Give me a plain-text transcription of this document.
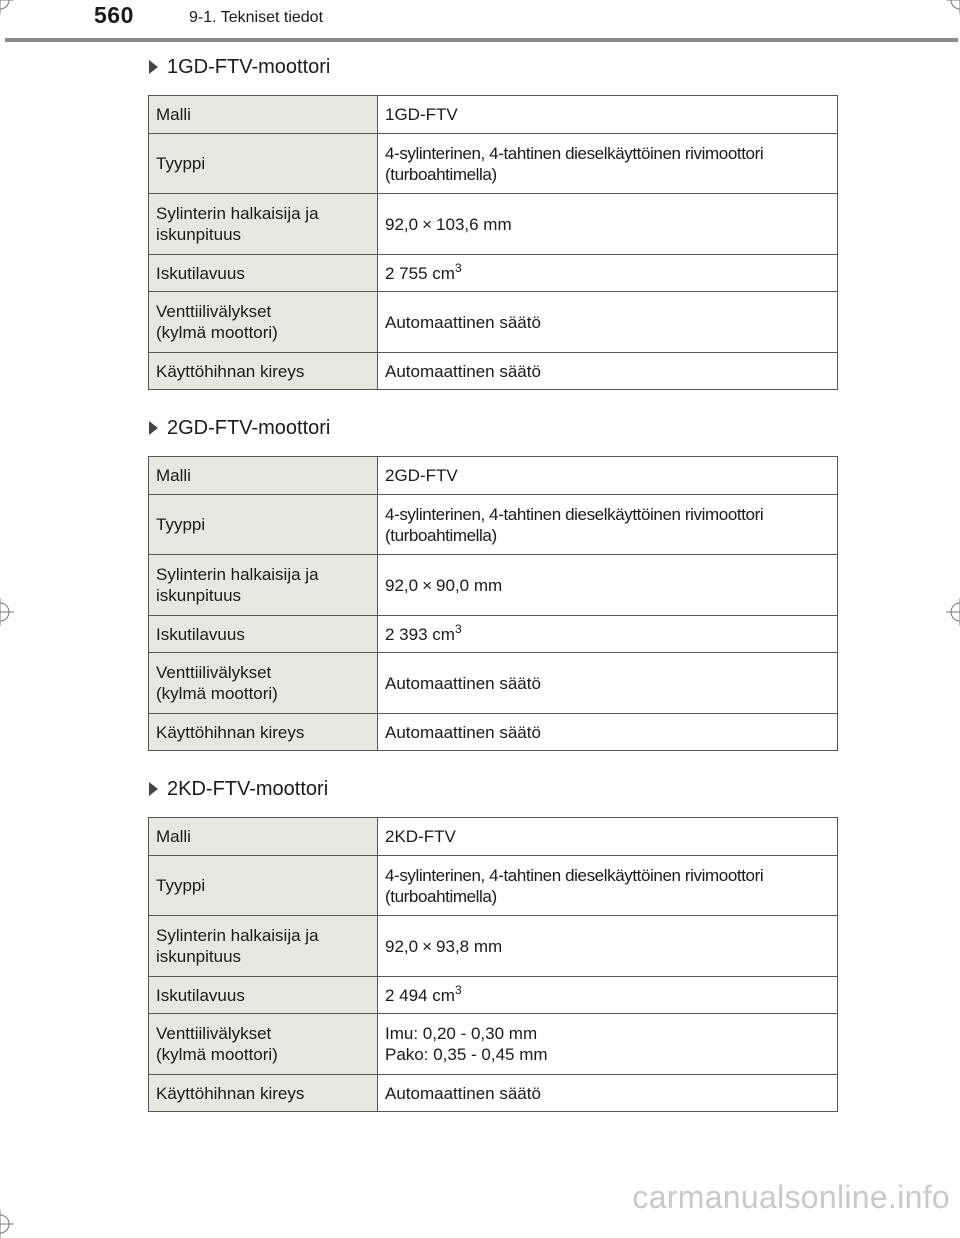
560	9-1. Tekniset tiedot
1GD-FTV-moottori
Malli	1GD-FTV
Tyyppi	4-sylinterinen, 4-tahtinen dieselkäyttöinen rivimoottori
(turboahtimella)
Sylinterin halkaisija ja
iskunpituus	92,0 × 103,6 mm
Iskutilavuus	2 755 $cm^3$
Venttiilivälykset
(kylmä moottori)	Automaattinen säätö
Käyttöhihnan kireys	Automaattinen säätö
2GD-FTV-moottori
Malli	2GD-FTV
Tyyppi	4-sylinterinen, 4-tahtinen dieselkäyttöinen rivimoottori
(turboahtimella)
Sylinterin halkaisija ja
iskunpituus	92,0 × 90,0 mm
Iskutilavuus	2 393 $cm^3$
Venttiilivälykset
(kylmä moottori)	Automaattinen säätö
Käyttöhihnan kireys	Automaattinen säätö
2KD-FTV-moottori
Malli	2KD-FTV
Tyyppi	4-sylinterinen, 4-tahtinen dieselkäyttöinen rivimoottori
(turboahtimella)
Sylinterin halkaisija ja
iskunpituus	92,0 × 93,8 mm
Iskutilavuus	2 494 $cm^3$
Venttiilivälykset
(kylmä moottori)	Imu: 0,20 - 0,30 mm
Pako: 0,35 - 0,45 mm
Käyttöhihnan kireys	Automaattinen säätö
carmanualsonline.info
